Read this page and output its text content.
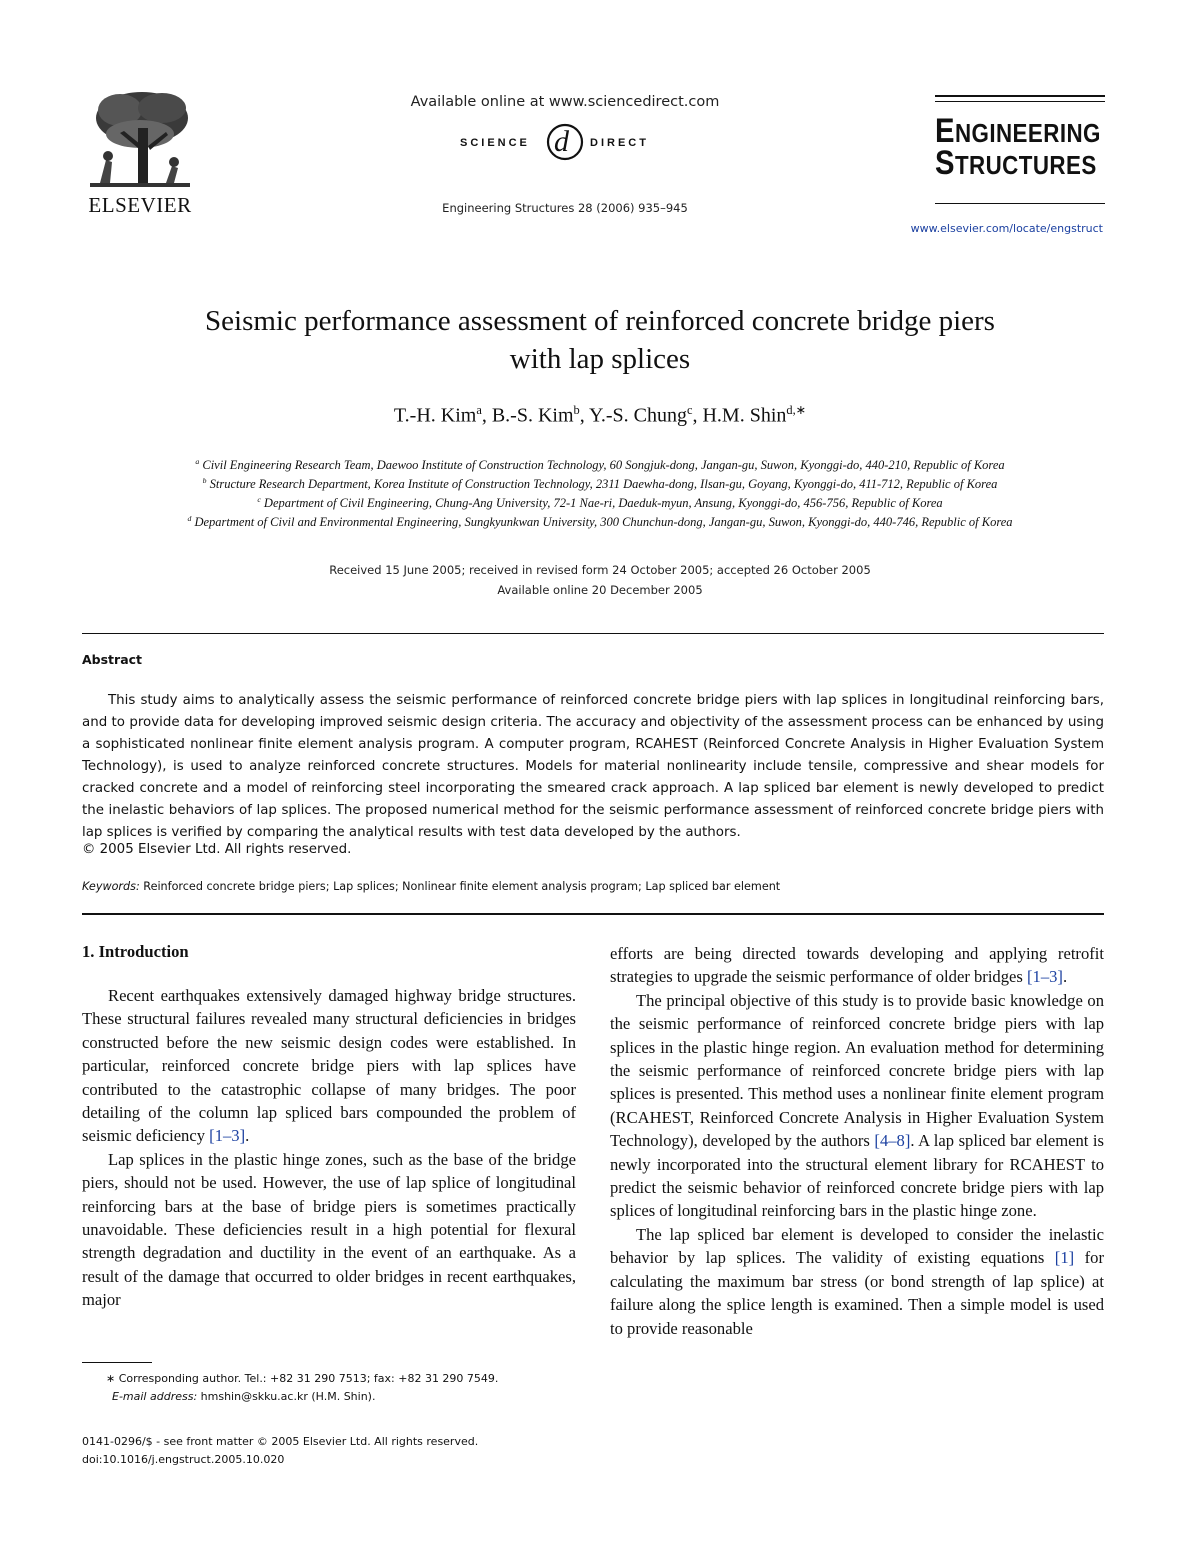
ELSEVIER
Available online at www.sciencedirect.com
SCIENCE d DIRECT
Engineering Structures 28 (2006) 935–945
ENGINEERING
STRUCTURES
www.elsevier.com/locate/engstruct
Seismic performance assessment of reinforced concrete bridge piers
with lap splices
T.-H. Kim$^a$, B.-S. Kim$^b$, Y.-S. Chung$^c$, H.M. Shin$^{d,∗}$
$^a$ Civil Engineering Research Team, Daewoo Institute of Construction Technology, 60 Songjuk-dong, Jangan-gu, Suwon, Kyonggi-do, 440-210, Republic of Korea
$^b$ Structure Research Department, Korea Institute of Construction Technology, 2311 Daewha-dong, Ilsan-gu, Goyang, Kyonggi-do, 411-712, Republic of Korea
$^c$ Department of Civil Engineering, Chung-Ang University, 72-1 Nae-ri, Daeduk-myun, Ansung, Kyonggi-do, 456-756, Republic of Korea
$^d$ Department of Civil and Environmental Engineering, Sungkyunkwan University, 300 Chunchun-dong, Jangan-gu, Suwon, Kyonggi-do, 440-746, Republic of Korea
Received 15 June 2005; received in revised form 24 October 2005; accepted 26 October 2005
Available online 20 December 2005
Abstract
This study aims to analytically assess the seismic performance of reinforced concrete bridge piers with lap splices in longitudinal reinforcing bars, and to provide data for developing improved seismic design criteria. The accuracy and objectivity of the assessment process can be enhanced by using a sophisticated nonlinear finite element analysis program. A computer program, RCAHEST (Reinforced Concrete Analysis in Higher Evaluation System Technology), is used to analyze reinforced concrete structures. Models for material nonlinearity include tensile, compressive and shear models for cracked concrete and a model of reinforcing steel incorporating the smeared crack approach. A lap spliced bar element is newly developed to predict the inelastic behaviors of lap splices. The proposed numerical method for the seismic performance assessment of reinforced concrete bridge piers with lap splices is verified by comparing the analytical results with test data developed by the authors.
© 2005 Elsevier Ltd. All rights reserved.
Keywords: Reinforced concrete bridge piers; Lap splices; Nonlinear finite element analysis program; Lap spliced bar element
1. Introduction

Recent earthquakes extensively damaged highway bridge structures. These structural failures revealed many structural deficiencies in bridges constructed before the new seismic design codes were established. In particular, reinforced concrete bridge piers with lap splices have contributed to the catastrophic collapse of many bridges. The poor detailing of the column lap spliced bars compounded the problem of seismic deficiency [1–3].

Lap splices in the plastic hinge zones, such as the base of the bridge piers, should not be used. However, the use of lap splice of longitudinal reinforcing bars at the base of bridge piers is sometimes practically unavoidable. These deficiencies result in a high potential for flexural strength degradation and ductility in the event of an earthquake. As a result of the damage that occurred to older bridges in recent earthquakes, major

efforts are being directed towards developing and applying retrofit strategies to upgrade the seismic performance of older bridges [1–3].

The principal objective of this study is to provide basic knowledge on the seismic performance of reinforced concrete bridge piers with lap splices in the plastic hinge region. An evaluation method for determining the seismic performance of reinforced concrete bridge piers with lap splices is presented. This method uses a nonlinear finite element program (RCAHEST, Reinforced Concrete Analysis in Higher Evaluation System Technology), developed by the authors [4–8]. A lap spliced bar element is newly incorporated into the structural element library for RCAHEST to predict the seismic behavior of reinforced concrete bridge piers with lap splices of longitudinal reinforcing bars in the plastic hinge zone.

The lap spliced bar element is developed to consider the inelastic behavior by lap splices. The validity of existing equations [1] for calculating the maximum bar stress (or bond strength of lap splice) at failure along the splice length is examined. Then a simple model is used to provide reasonable

∗ Corresponding author. Tel.: +82 31 290 7513; fax: +82 31 290 7549.
E-mail address: hmshin@skku.ac.kr (H.M. Shin).
0141-0296/$ - see front matter © 2005 Elsevier Ltd. All rights reserved.
doi:10.1016/j.engstruct.2005.10.020
